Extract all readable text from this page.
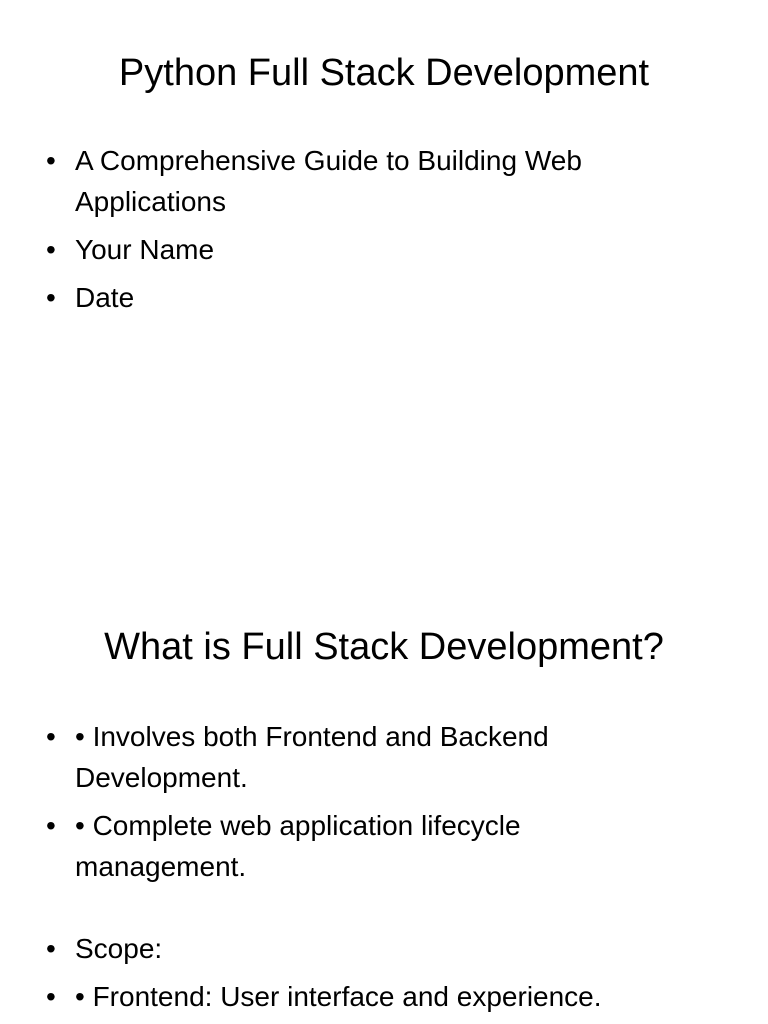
Python Full Stack Development
• A Comprehensive Guide to Building Web Applications
• Your Name
• Date
What is Full Stack Development?
• • Involves both Frontend and Backend Development.
• • Complete web application lifecycle management.
• Scope:
• • Frontend: User interface and experience.
